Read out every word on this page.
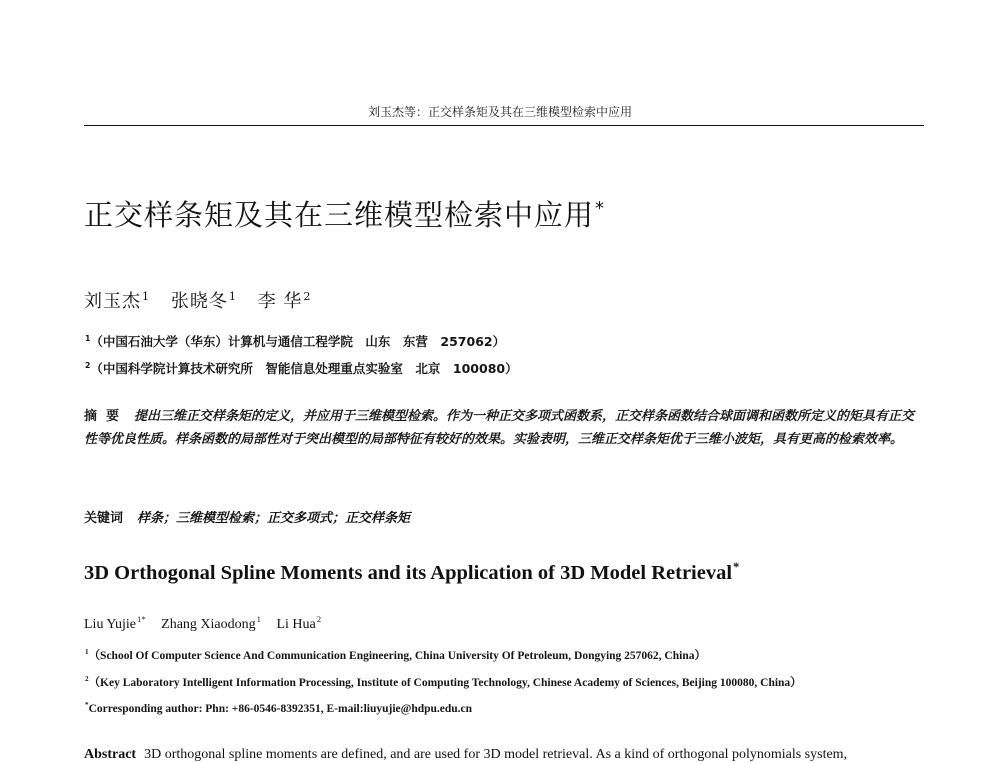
刘玉杰等：正交样条矩及其在三维模型检索中应用
正交样条矩及其在三维模型检索中应用*
刘玉杰$^1$ 张晓冬$^1$ 李 华$^2$
$^1$（中国石油大学（华东）计算机与通信工程学院　山东　东营　257062）
$^2$（中国科学院计算技术研究所　智能信息处理重点实验室　北京　100080）
摘要 提出三维正交样条矩的定义，并应用于三维模型检索。作为一种正交多项式函数系，正交样条函数结合球面调和函数所定义的矩具有正交性等优良性质。样条函数的局部性对于突出模型的局部特征有较好的效果。实验表明，三维正交样条矩优于三维小波矩，具有更高的检索效率。
关键词 样条；三维模型检索；正交多项式；正交样条矩
3D Orthogonal Spline Moments and its Application of 3D Model Retrieval*
Liu Yujie$^{1*}$ Zhang Xiaodong$^1$ Li Hua$^2$
$^1$（School Of Computer Science And Communication Engineering, China University Of Petroleum, Dongying 257062, China）
$^2$（Key Laboratory Intelligent Information Processing, Institute of Computing Technology, Chinese Academy of Sciences, Beijing 100080, China）
*Corresponding author: Phn: +86-0546-8392351, E-mail:liuyujie@hdpu.edu.cn
Abstract 3D orthogonal spline moments are defined, and are used for 3D model retrieval. As a kind of orthogonal polynomials system,
